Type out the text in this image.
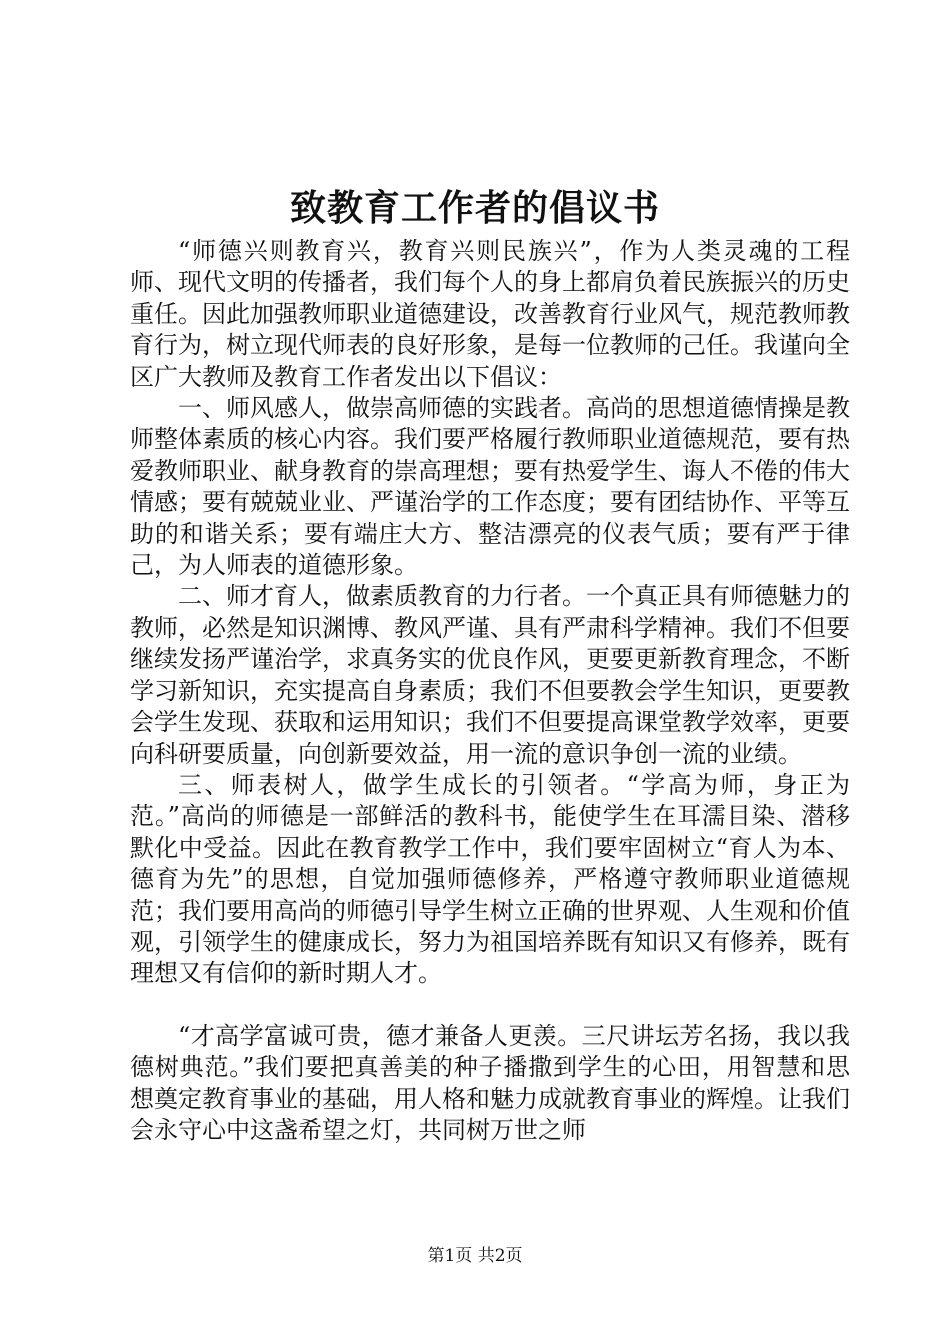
致教育工作者的倡议书

“师德兴则教育兴，教育兴则民族兴”，作为人类灵魂的工程师、现代文明的传播者，我们每个人的身上都肩负着民族振兴的历史重任。因此加强教师职业道德建设，改善教育行业风气，规范教师教育行为，树立现代师表的良好形象，是每一位教师的己任。我谨向全区广大教师及教育工作者发出以下倡议：

一、师风感人，做崇高师德的实践者。高尚的思想道德情操是教师整体素质的核心内容。我们要严格履行教师职业道德规范，要有热爱教师职业、献身教育的崇高理想；要有热爱学生、诲人不倦的伟大情感；要有兢兢业业、严谨治学的工作态度；要有团结协作、平等互助的和谐关系；要有端庄大方、整洁漂亮的仪表气质；要有严于律己，为人师表的道德形象。

二、师才育人，做素质教育的力行者。一个真正具有师德魅力的教师，必然是知识渊博、教风严谨、具有严肃科学精神。我们不但要继续发扬严谨治学，求真务实的优良作风，更要更新教育理念，不断学习新知识，充实提高自身素质；我们不但要教会学生知识，更要教会学生发现、获取和运用知识；我们不但要提高课堂教学效率，更要向科研要质量，向创新要效益，用一流的意识争创一流的业绩。

三、师表树人，做学生成长的引领者。“学高为师，身正为范。”高尚的师德是一部鲜活的教科书，能使学生在耳濡目染、潜移默化中受益。因此在教育教学工作中，我们要牢固树立“育人为本、德育为先”的思想，自觉加强师德修养，严格遵守教师职业道德规范；我们要用高尚的师德引导学生树立正确的世界观、人生观和价值观，引领学生的健康成长，努力为祖国培养既有知识又有修养，既有理想又有信仰的新时期人才。

“才高学富诚可贵，德才兼备人更羡。三尺讲坛芳名扬，我以我德树典范。”我们要把真善美的种子播撒到学生的心田，用智慧和思想奠定教育事业的基础，用人格和魅力成就教育事业的辉煌。让我们会永守心中这盏希望之灯，共同树万世之师

第1页 共2页
